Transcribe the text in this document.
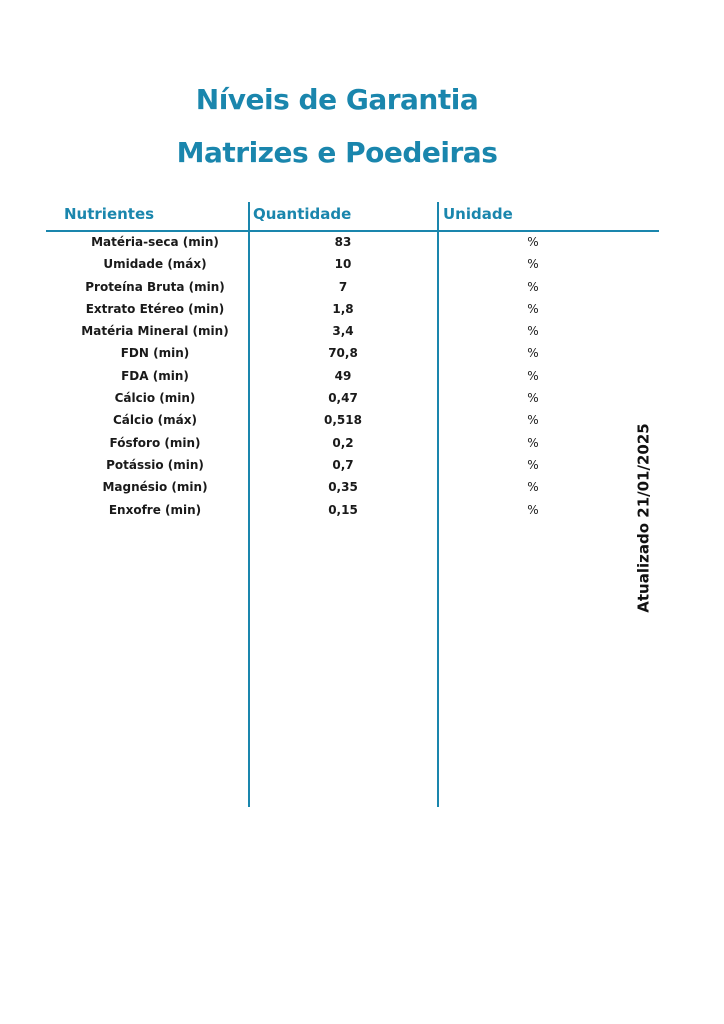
Níveis de Garantia
Matrizes e Poedeiras
Nutrientes	Quantidade	Unidade
Matéria-seca (min)	83	%
Umidade (máx)	10	%
Proteína Bruta (min)	7	%
Extrato Etéreo (min)	1,8	%
Matéria Mineral (min)	3,4	%
FDN (min)	70,8	%
FDA (min)	49	%
Cálcio (min)	0,47	%
Cálcio (máx)	0,518	%
Fósforo (min)	0,2	%
Potássio (min)	0,7	%
Magnésio (min)	0,35	%
Enxofre (min)	0,15	%	Atualizado 21/01/2025
